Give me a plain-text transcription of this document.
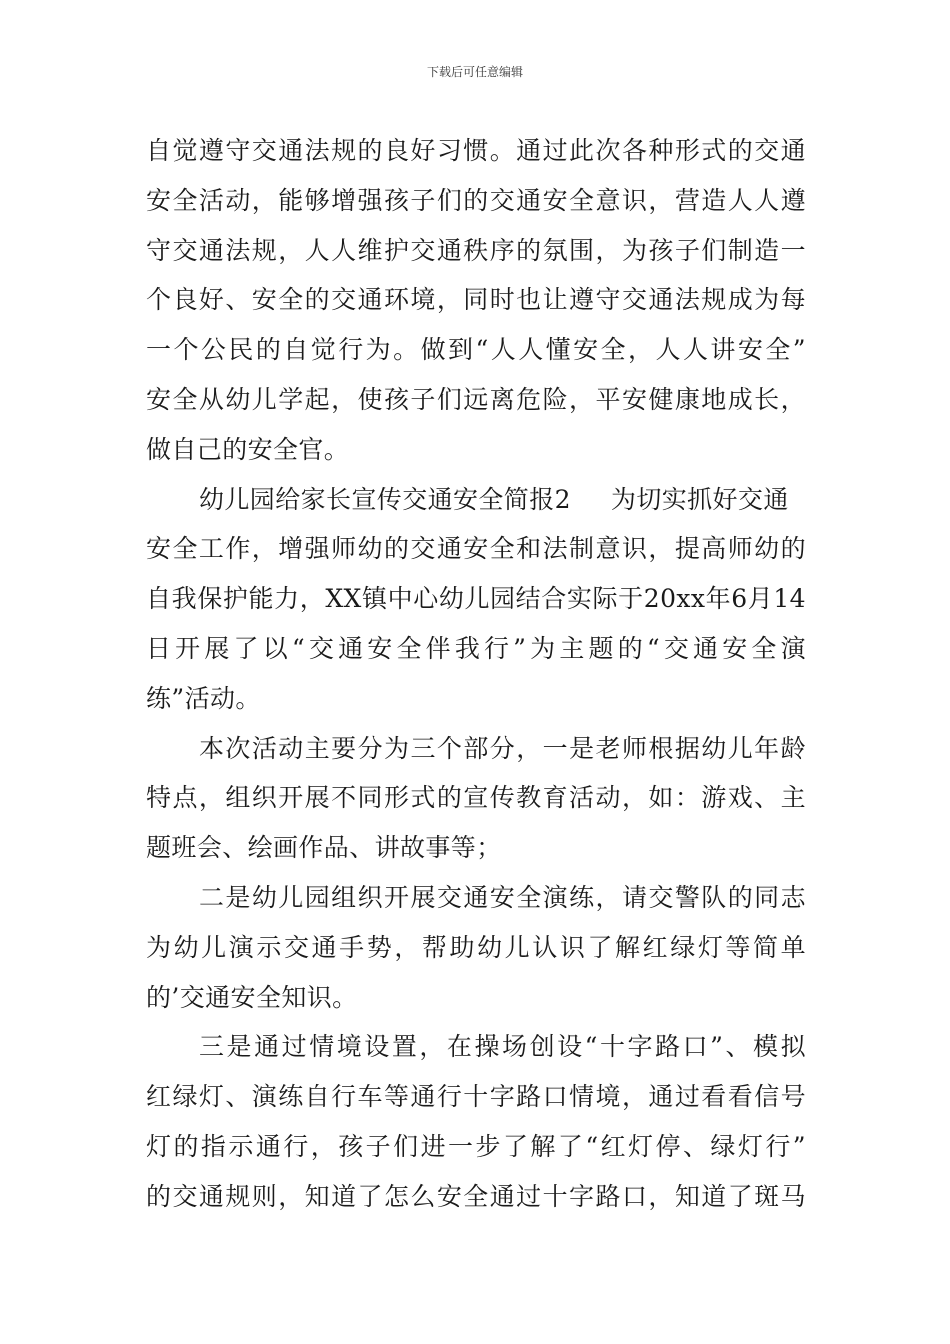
下载后可任意编辑
自觉遵守交通法规的良好习惯。通过此次各种形式的交通
安全活动，能够增强孩子们的交通安全意识，营造人人遵
守交通法规，人人维护交通秩序的氛围，为孩子们制造一
个良好、安全的交通环境，同时也让遵守交通法规成为每
一个公民的自觉行为。做到“人人懂安全，人人讲安全”
安全从幼儿学起，使孩子们远离危险，平安健康地成长，
做自己的安全官。
幼儿园给家长宣传交通安全简报2 为切实抓好交通
安全工作，增强师幼的交通安全和法制意识，提高师幼的
自我保护能力，XX镇中心幼儿园结合实际于20xx年6月14
日开展了以“交通安全伴我行”为主题的“交通安全演
练”活动。
本次活动主要分为三个部分，一是老师根据幼儿年龄
特点，组织开展不同形式的宣传教育活动，如：游戏、主
题班会、绘画作品、讲故事等；
二是幼儿园组织开展交通安全演练，请交警队的同志
为幼儿演示交通手势，帮助幼儿认识了解红绿灯等简单
的’交通安全知识。
三是通过情境设置，在操场创设“十字路口”、模拟
红绿灯、演练自行车等通行十字路口情境，通过看看信号
灯的指示通行，孩子们进一步了解了“红灯停、绿灯行”
的交通规则，知道了怎么安全通过十字路口，知道了斑马
